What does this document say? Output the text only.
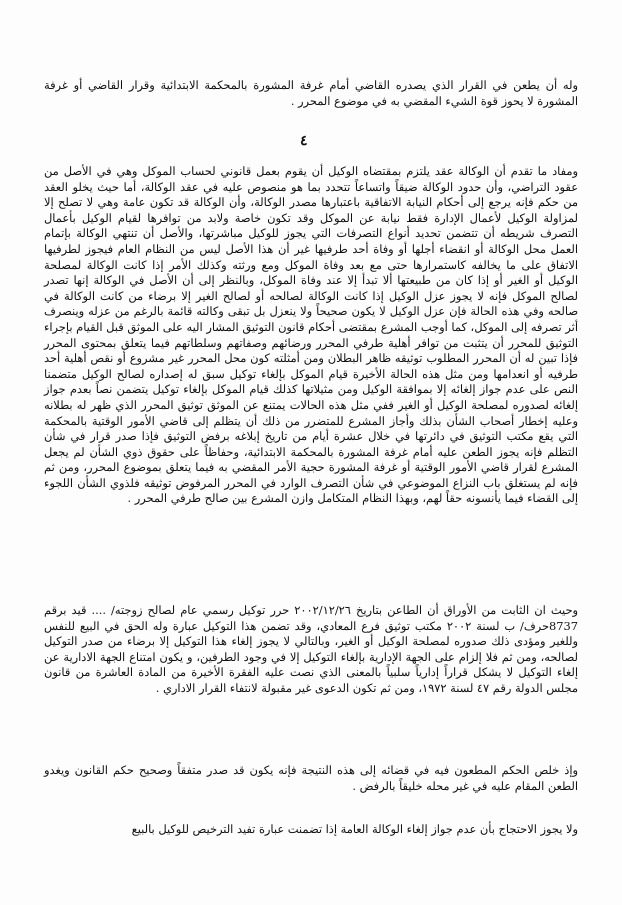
وله أن يطعن في القرار الذي يصدره القاضي أمام غرفة المشورة بالمحكمة الابتدائية وقرار القاضي أو غرفة المشورة لا يحوز قوة الشيء المقضي به في موضوع المحرر .

٤

ومفاد ما تقدم أن الوكالة عقد يلتزم بمقتضاه الوكيل أن يقوم بعمل قانوني لحساب الموكل وهي في الأصل من عقود التراضي، وأن حدود الوكالة ضيقاً واتساعاً تتحدد بما هو منصوص عليه في عقد الوكالة، أما حيث يخلو العقد من حكم فإنه يرجع إلى أحكام النيابة الاتفاقية باعتبارها مصدر الوكالة، وأن الوكالة قد تكون عامة وهي لا تصلح إلا لمزاولة الوكيل لأعمال الإدارة فقط نيابة عن الموكل وقد تكون خاصة ولابد من توافرها لقيام الوكيل بأعمال التصرف شريطه أن تتضمن تحديد أنواع التصرفات التي يجوز للوكيل مباشرتها، والأصل أن تنتهي الوكالة بإتمام العمل محل الوكالة أو انقضاء أجلها أو وفاة أحد طرفيها غير أن هذا الأصل ليس من النظام العام فيجوز لطرفيها الاتفاق على ما يخالفه كاستمرارها حتى مع بعد وفاة الموكل ومع ورثته وكذلك الأمر إذا كانت الوكالة لمصلحة الوكيل أو الغير أو إذا كان من طبيعتها ألا تبدأ إلا عند وفاة الموكل، وبالنظر إلى أن الأصل في الوكالة إنها تصدر لصالح الموكل فإنه لا يجوز عزل الوكيل إذا كانت الوكالة لصالحه أو لصالح الغير إلا برضاء من كانت الوكالة في صالحه وفي هذه الحالة فإن عزل الوكيل لا يكون صحيحاً ولا ينعزل بل تبقى وكالته قائمة بالرغم من عزله وينصرف أثر تصرفه إلى الموكل، كما أوجب المشرع بمقتضى أحكام قانون التوثيق المشار اليه على الموثق قبل القيام بإجراء التوثيق للمحرر أن يتثبت من توافر أهلية طرفي المحرر ورضائهم وصفاتهم وسلطاتهم فيما يتعلق بمحتوى المحرر فإذا تبين له أن المحرر المطلوب توثيقه ظاهر البطلان ومن أمثلته كون محل المحرر غير مشروع أو نقص أهلية أحد طرفيه أو انعدامها ومن مثل هذه الحالة الأخيرة قيام الموكل بإلغاء توكيل سبق له إصداره لصالح الوكيل متضمنا النص على عدم جواز إلغائه إلا بموافقة الوكيل ومن مثيلاتها كذلك قيام الموكل بإلغاء توكيل يتضمن نصاً بعدم جواز إلغائه لصدوره لمصلحة الوكيل أو الغير ففي مثل هذه الحالات يمتنع عن الموثق توثيق المحرر الذي ظهر له بطلانه وعليه إخطار أصحاب الشأن بذلك وأجاز المشرع للمتضرر من ذلك أن يتظلم إلى قاضي الأمور الوقتية بالمحكمة التي يقع مكتب التوثيق في دائرتها في خلال عشرة أيام من تاريخ إبلاغه برفض التوثيق فإذا صدر قرار في شأن التظلم فإنه يجوز الطعن عليه أمام غرفة المشورة بالمحكمة الابتدائية، وحفاظاً على حقوق ذوي الشأن لم يجعل المشرع لقرار قاضي الأمور الوقتية أو غرفة المشورة حجية الأمر المقضي به فيما يتعلق بموضوع المحرر، ومن ثم فإنه لم يستغلق باب النزاع الموضوعي في شأن التصرف الوارد في المحرر المرفوض توثيقه فلذوي الشأن اللجوء إلى القضاء فيما يأنسونه حقاً لهم، وبهذا النظام المتكامل وازن المشرع بين صالح طرفي المحرر .

وحيث ان الثابت من الأوراق أن الطاعن بتاريخ ٢٠٠٢/١٢/٢٦ حرر توكيل رسمي عام لصالح زوجته/ .... قيد برقم 8737حرف/ ب لسنة ٢٠٠٢ مكتب توثيق فرع المعادي، وقد تضمن هذا التوكيل عبارة وله الحق في البيع للنفس وللغير ومؤدى ذلك صدوره لمصلحة الوكيل أو الغير، وبالتالي لا يجوز إلغاء هذا التوكيل إلا برضاء من صدر التوكيل لصالحه، ومن ثم فلا إلزام على الجهة الإدارية بإلغاء التوكيل إلا في وجود الطرفين، و يكون امتناع الجهة الادارية عن إلغاء التوكيل لا يشكل قراراً إدارياً سلبياً بالمعنى الذي نصت عليه الفقرة الأخيرة من المادة العاشرة من قانون مجلس الدولة رقم ٤٧ لسنة ١٩٧٢، ومن ثم تكون الدعوى غير مقبولة لانتفاء القرار الاداري .

وإذ خلص الحكم المطعون فيه في قضائه إلى هذه النتيجة فإنه يكون قد صدر متفقاً وصحيح حكم القانون ويغدو الطعن المقام عليه في غير محله خليقاً بالرفض .

ولا يجوز الاحتجاج بأن عدم جواز إلغاء الوكالة العامة إذا تضمنت عبارة تفيد الترخيص للوكيل بالبيع
